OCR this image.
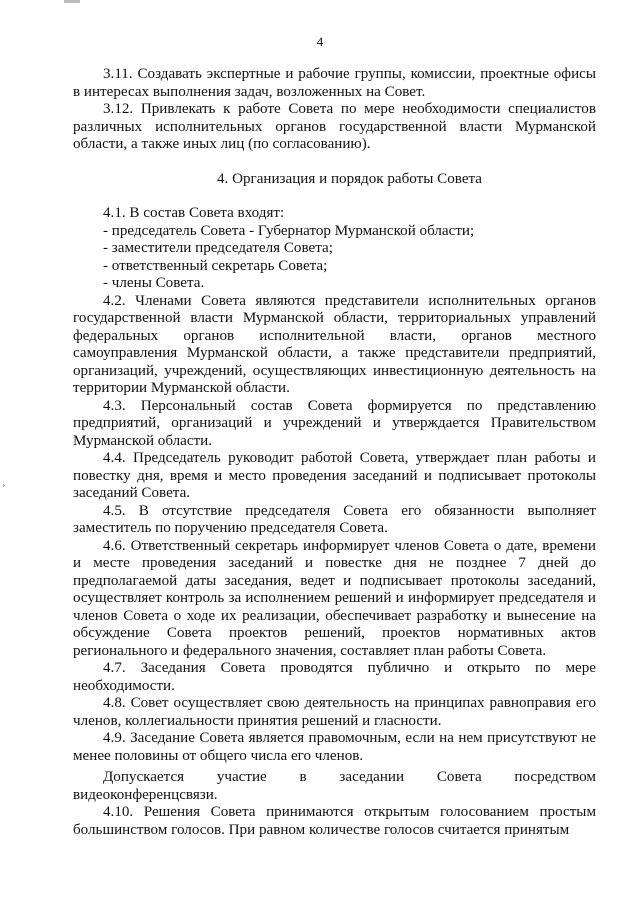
4
¸

3.11. Создавать экспертные и рабочие группы, комиссии, проектные офисы в интересах выполнения задач, возложенных на Совет.

3.12. Привлекать к работе Совета по мере необходимости специалистов различных исполнительных органов государственной власти Мурманской области, а также иных лиц (по согласованию).

4. Организация и порядок работы Совета

4.1. В состав Совета входят:

- председатель Совета - Губернатор Мурманской области;

- заместители председателя Совета;

- ответственный секретарь Совета;

- члены Совета.

4.2. Членами Совета являются представители исполнительных органов государственной власти Мурманской области, территориальных управлений федеральных органов исполнительной власти, органов местного самоуправления Мурманской области, а также представители предприятий, организаций, учреждений, осуществляющих инвестиционную деятельность на территории Мурманской области.

4.3. Персональный состав Совета формируется по представлению предприятий, организаций и учреждений и утверждается Правительством Мурманской области.

4.4. Председатель руководит работой Совета, утверждает план работы и повестку дня, время и место проведения заседаний и подписывает протоколы заседаний Совета.

4.5. В отсутствие председателя Совета его обязанности выполняет заместитель по поручению председателя Совета.

4.6. Ответственный секретарь информирует членов Совета о дате, времени и месте проведения заседаний и повестке дня не позднее 7 дней до предполагаемой даты заседания, ведет и подписывает протоколы заседаний, осуществляет контроль за исполнением решений и информирует председателя и членов Совета о ходе их реализации, обеспечивает разработку и вынесение на обсуждение Совета проектов решений, проектов нормативных актов регионального и федерального значения, составляет план работы Совета.

4.7. Заседания Совета проводятся публично и открыто по мере необходимости.

4.8. Совет осуществляет свою деятельность на принципах равноправия его членов, коллегиальности принятия решений и гласности.

4.9. Заседание Совета является правомочным, если на нем присутствуют не менее половины от общего числа его членов.

Допускается участие в заседании Совета посредством

видеоконференцсвязи.

4.10. Решения Совета принимаются открытым голосованием простым большинством голосов. При равном количестве голосов считается принятым
